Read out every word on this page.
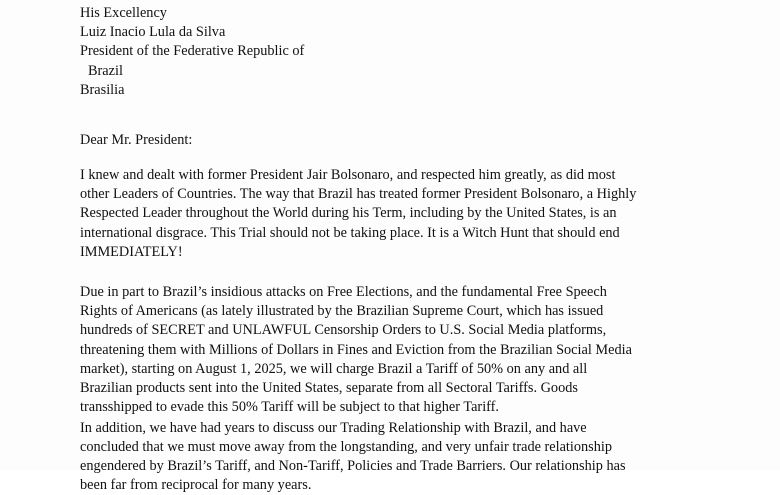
His Excellency
Luiz Inacio Lula da Silva
President of the Federative Republic of
Brazil
Brasilia
Dear Mr. President:
I knew and dealt with former President Jair Bolsonaro, and respected him greatly, as did most
other Leaders of Countries. The way that Brazil has treated former President Bolsonaro, a Highly
Respected Leader throughout the World during his Term, including by the United States, is an
international disgrace. This Trial should not be taking place. It is a Witch Hunt that should end
IMMEDIATELY!
Due in part to Brazil’s insidious attacks on Free Elections, and the fundamental Free Speech
Rights of Americans (as lately illustrated by the Brazilian Supreme Court, which has issued
hundreds of SECRET and UNLAWFUL Censorship Orders to U.S. Social Media platforms,
threatening them with Millions of Dollars in Fines and Eviction from the Brazilian Social Media
market), starting on August 1, 2025, we will charge Brazil a Tariff of 50% on any and all
Brazilian products sent into the United States, separate from all Sectoral Tariffs. Goods
transshipped to evade this 50% Tariff will be subject to that higher Tariff.
In addition, we have had years to discuss our Trading Relationship with Brazil, and have
concluded that we must move away from the longstanding, and very unfair trade relationship
engendered by Brazil’s Tariff, and Non-Tariff, Policies and Trade Barriers. Our relationship has
been far from reciprocal for many years.
